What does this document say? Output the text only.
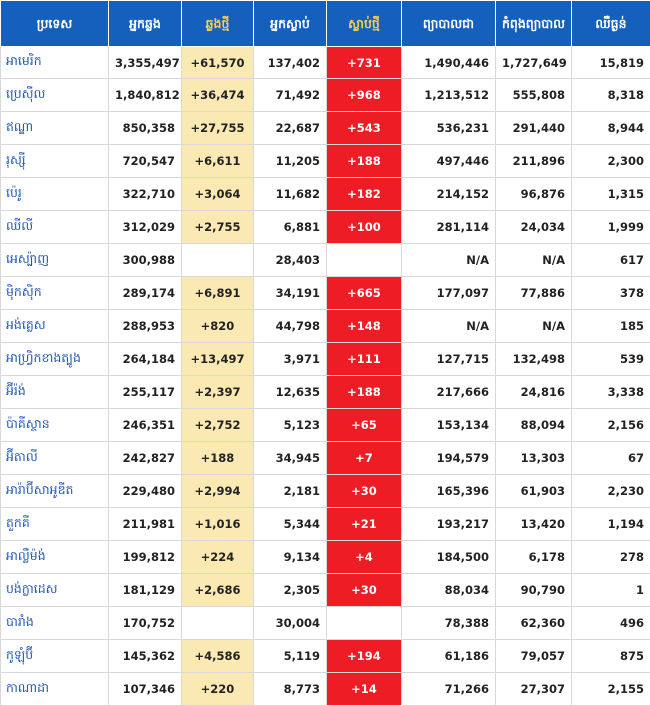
ប្រទេស	អ្នកឆ្លង	ឆ្លងថ្មី	អ្នកស្លាប់	ស្លាប់ថ្មី	ព្យាបាលជា	កំពុងព្យាបាល	ឈឺធ្ងន់
អាមេរិក	3,355,497	+61,570	137,402	+731	1,490,446	1,727,649	15,819
ប្រេស៊ីល	1,840,812	+36,474	71,492	+968	1,213,512	555,808	8,318
ឥណ្ឌា	850,358	+27,755	22,687	+543	536,231	291,440	8,944
រុស្ស៊ី	720,547	+6,611	11,205	+188	497,446	211,896	2,300
ប៉េរូ	322,710	+3,064	11,682	+182	214,152	96,876	1,315
ឈីលី	312,029	+2,755	6,881	+100	281,114	24,034	1,999
អេស្ប៉ាញ	300,988		28,403		N/A	N/A	617
ម៉ិកស៊ិក	289,174	+6,891	34,191	+665	177,097	77,886	378
អង់គ្លេស	288,953	+820	44,798	+148	N/A	N/A	185
អាហ្វ្រិកខាងត្បូង	264,184	+13,497	3,971	+111	127,715	132,498	539
អ៊ីរ៉ង់	255,117	+2,397	12,635	+188	217,666	24,816	3,338
ប៉ាគីស្ថាន	246,351	+2,752	5,123	+65	153,134	88,094	2,156
អ៊ីតាលី	242,827	+188	34,945	+7	194,579	13,303	67
អារ៉ាប៊ីសាអូឌីត	229,480	+2,994	2,181	+30	165,396	61,903	2,230
តួកគី	211,981	+1,016	5,344	+21	193,217	13,420	1,194
អាល្លឺម៉ង់	199,812	+224	9,134	+4	184,500	6,178	278
បង់ក្លាដេស	181,129	+2,686	2,305	+30	88,034	90,790	1
បារាំង	170,752		30,004		78,388	62,360	496
កូឡុំប៊ី	145,362	+4,586	5,119	+194	61,186	79,057	875
កាណាដា	107,346	+220	8,773	+14	71,266	27,307	2,155
